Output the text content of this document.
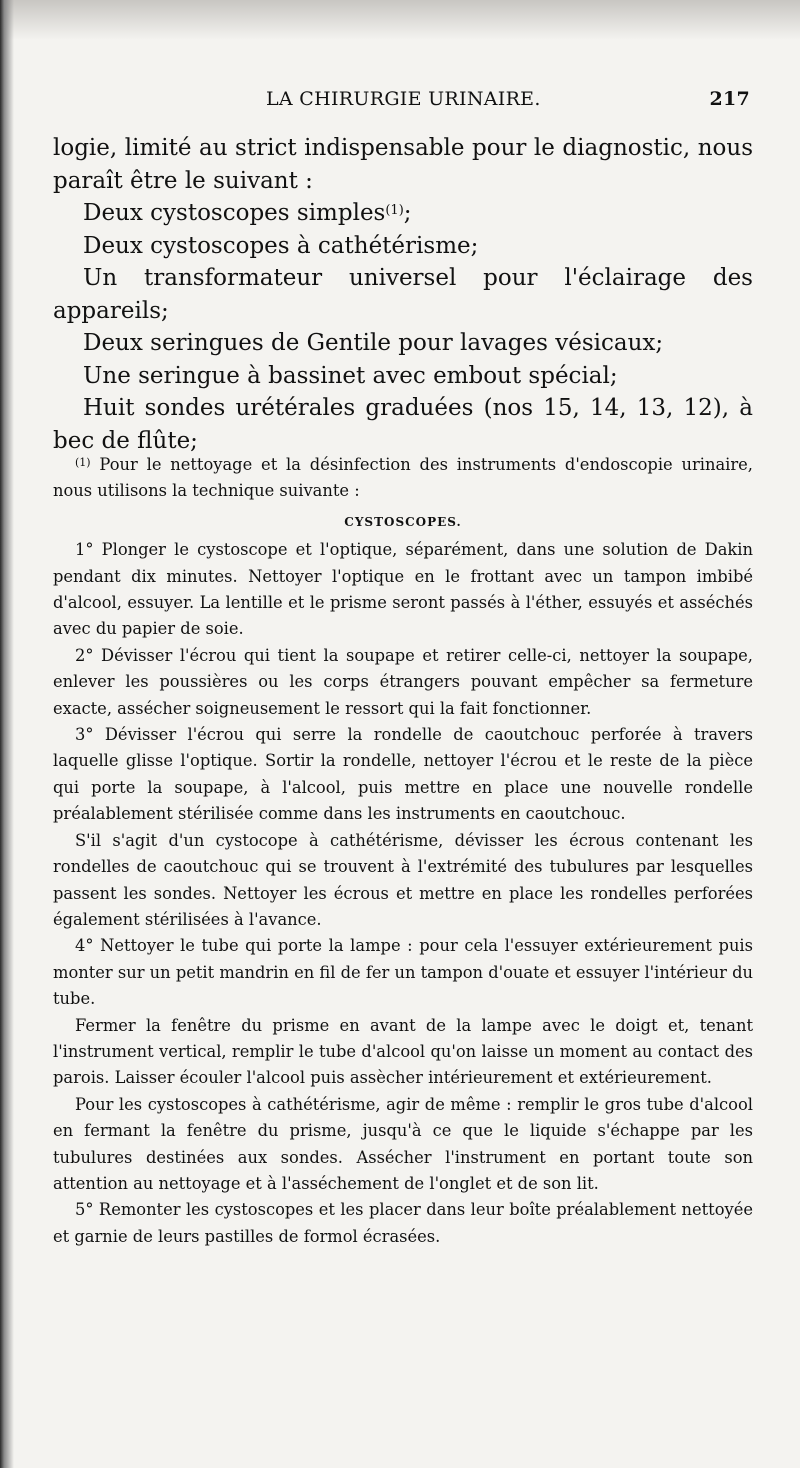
LA CHIRURGIE URINAIRE.	217

logie, limité au strict indispensable pour le diagnostic, nous paraît être le suivant :

Deux cystoscopes simples$^{(1)}$;

Deux cystoscopes à cathétérisme;

Un transformateur universel pour l'éclairage des appareils;

Deux seringues de Gentile pour lavages vésicaux;

Une seringue à bassinet avec embout spécial;

Huit sondes urétérales graduées (nos 15, 14, 13, 12), à bec de flûte;

$^{(1)}$ Pour le nettoyage et la désinfection des instruments d'endoscopie urinaire, nous utilisons la technique suivante :

CYSTOSCOPES.

1° Plonger le cystoscope et l'optique, séparément, dans une solution de Dakin pendant dix minutes. Nettoyer l'optique en le frottant avec un tampon imbibé d'alcool, essuyer. La lentille et le prisme seront passés à l'éther, essuyés et asséchés avec du papier de soie.

2° Dévisser l'écrou qui tient la soupape et retirer celle-ci, nettoyer la soupape, enlever les poussières ou les corps étrangers pouvant empêcher sa fermeture exacte, assécher soigneusement le ressort qui la fait fonctionner.

3° Dévisser l'écrou qui serre la rondelle de caoutchouc perforée à travers laquelle glisse l'optique. Sortir la rondelle, nettoyer l'écrou et le reste de la pièce qui porte la soupape, à l'alcool, puis mettre en place une nouvelle rondelle préalablement stérilisée comme dans les instruments en caoutchouc.

S'il s'agit d'un cystocope à cathétérisme, dévisser les écrous contenant les rondelles de caoutchouc qui se trouvent à l'extrémité des tubulures par lesquelles passent les sondes. Nettoyer les écrous et mettre en place les rondelles perforées également stérilisées à l'avance.

4° Nettoyer le tube qui porte la lampe : pour cela l'essuyer extérieurement puis monter sur un petit mandrin en fil de fer un tampon d'ouate et essuyer l'intérieur du tube.

Fermer la fenêtre du prisme en avant de la lampe avec le doigt et, tenant l'instrument vertical, remplir le tube d'alcool qu'on laisse un moment au contact des parois. Laisser écouler l'alcool puis assècher intérieurement et extérieurement.

Pour les cystoscopes à cathétérisme, agir de même : remplir le gros tube d'alcool en fermant la fenêtre du prisme, jusqu'à ce que le liquide s'échappe par les tubulures destinées aux sondes. Assécher l'instrument en portant toute son attention au nettoyage et à l'asséchement de l'onglet et de son lit.

5° Remonter les cystoscopes et les placer dans leur boîte préalablement nettoyée et garnie de leurs pastilles de formol écrasées.
